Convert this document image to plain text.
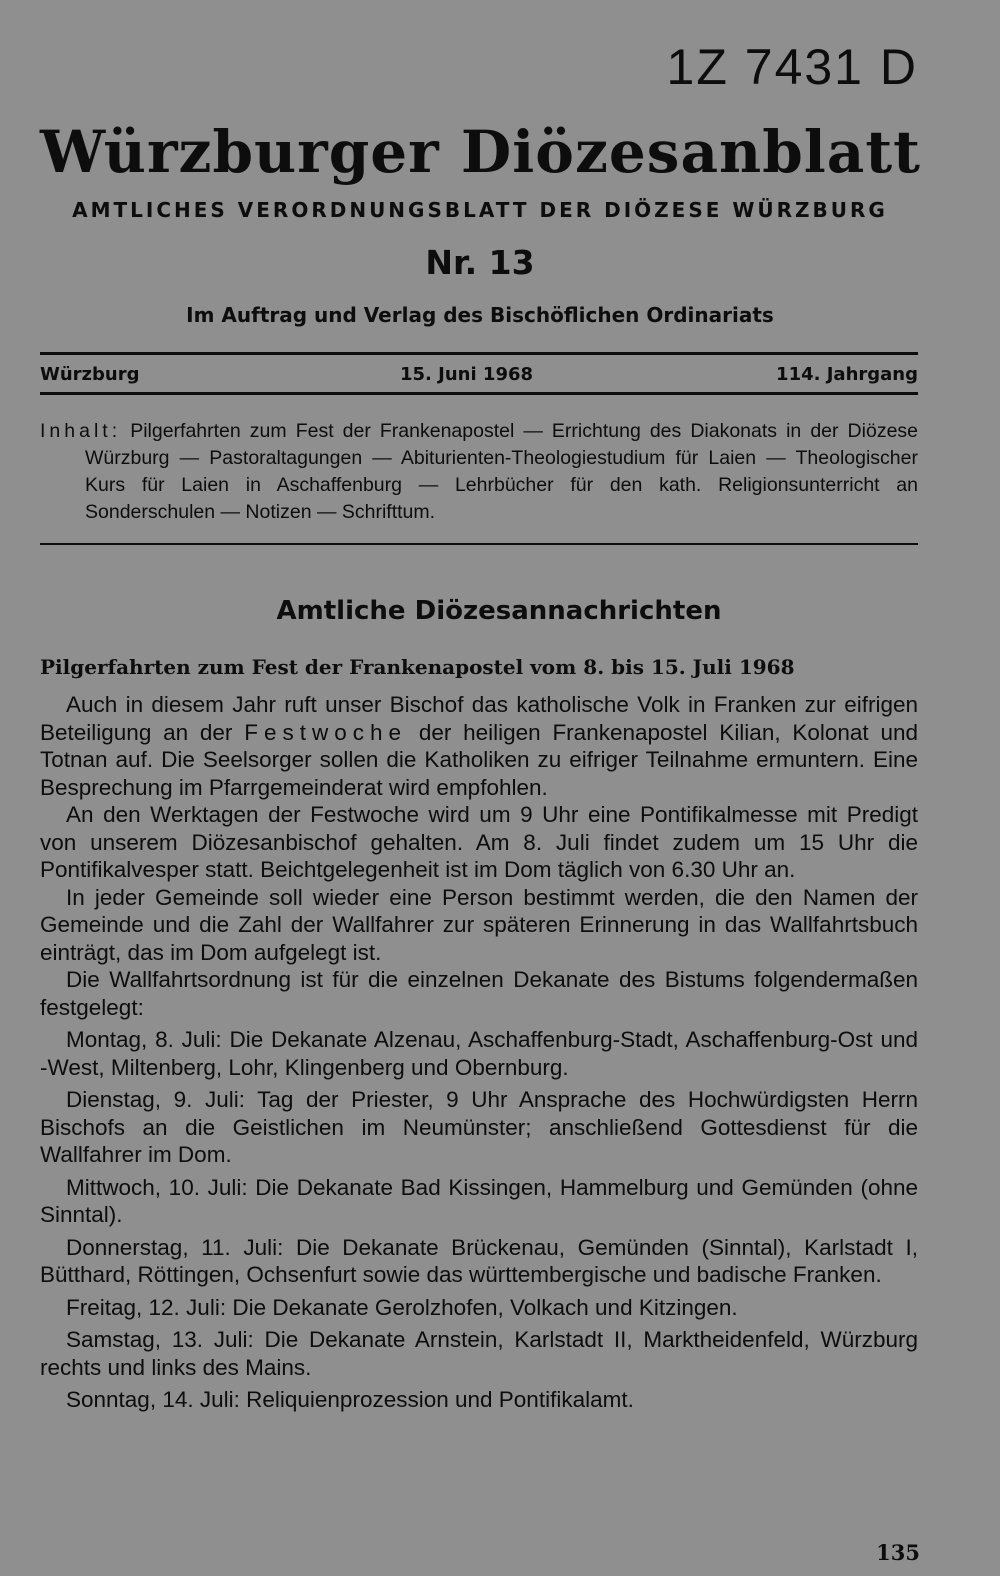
1Z 7431 D
Würzburger Diözesanblatt
AMTLICHES VERORDNUNGSBLATT DER DIÖZESE WÜRZBURG
Nr. 13
Im Auftrag und Verlag des Bischöflichen Ordinariats
Würzburg	15. Juni 1968	114. Jahrgang
Inhalt: Pilgerfahrten zum Fest der Frankenapostel — Errichtung des Diakonats in der Diözese Würzburg — Pastoraltagungen — Abiturienten-Theologiestudium für Laien — Theologischer Kurs für Laien in Aschaffenburg — Lehrbücher für den kath. Religionsunterricht an Sonderschulen — Notizen — Schrifttum.
Amtliche Diözesannachrichten
Pilgerfahrten zum Fest der Frankenapostel vom 8. bis 15. Juli 1968

Auch in diesem Jahr ruft unser Bischof das katholische Volk in Franken zur eifrigen Beteiligung an der Festwoche der heiligen Frankenapostel Kilian, Kolonat und Totnan auf. Die Seelsorger sollen die Katholiken zu eifriger Teilnahme ermuntern. Eine Besprechung im Pfarrgemeinderat wird empfohlen.

An den Werktagen der Festwoche wird um 9 Uhr eine Pontifikalmesse mit Predigt von unserem Diözesanbischof gehalten. Am 8. Juli findet zudem um 15 Uhr die Pontifikalvesper statt. Beichtgelegenheit ist im Dom täglich von 6.30 Uhr an.

In jeder Gemeinde soll wieder eine Person bestimmt werden, die den Namen der Gemeinde und die Zahl der Wallfahrer zur späteren Erinnerung in das Wallfahrtsbuch einträgt, das im Dom aufgelegt ist.

Die Wallfahrtsordnung ist für die einzelnen Dekanate des Bistums folgendermaßen festgelegt:

Montag, 8. Juli: Die Dekanate Alzenau, Aschaffenburg-Stadt, Aschaffenburg-Ost und -West, Miltenberg, Lohr, Klingenberg und Obernburg.

Dienstag, 9. Juli: Tag der Priester, 9 Uhr Ansprache des Hochwürdigsten Herrn Bischofs an die Geistlichen im Neumünster; anschließend Gottesdienst für die Wallfahrer im Dom.

Mittwoch, 10. Juli: Die Dekanate Bad Kissingen, Hammelburg und Gemünden (ohne Sinntal).

Donnerstag, 11. Juli: Die Dekanate Brückenau, Gemünden (Sinntal), Karlstadt I, Bütthard, Röttingen, Ochsenfurt sowie das württembergische und badische Franken.

Freitag, 12. Juli: Die Dekanate Gerolzhofen, Volkach und Kitzingen.

Samstag, 13. Juli: Die Dekanate Arnstein, Karlstadt II, Marktheidenfeld, Würzburg rechts und links des Mains.

Sonntag, 14. Juli: Reliquienprozession und Pontifikalamt.

135
